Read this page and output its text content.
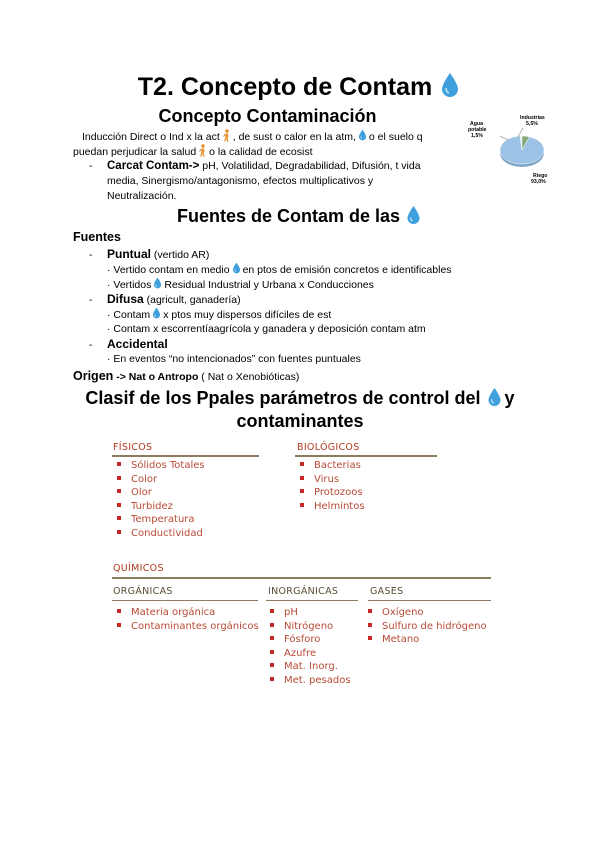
T2. Concepto de Contam
Concepto Contaminación
Inducción Direct o Ind x la act , de sust o calor en la atm, o el suelo q
puedan perjudicar la salud o la calidad de ecosist
- Carcat Contam-> pH, Volatilidad, Degradabilidad, Difusión, t vida
media, Sinergismo/antagonismo, efectos multiplicativos y
Neutralización.
Agua
potable
1,5%
Industrias
5,5%
Riego
93,0%
Fuentes de Contam de las
Fuentes
- Puntual (vertido AR)
· Vertido contam en medio en ptos de emisión concretos e identificables
· Vertidos Residual Industrial y Urbana x Conducciones
- Difusa (agricult, ganadería)
· Contam x ptos muy dispersos difíciles de est
· Contam x escorrentíaagrícola y ganadera y deposición contam atm
- Accidental
· En eventos “no intencionados” con fuentes puntuales
Origen -> Nat o Antropo ( Nat o Xenobióticas)
Clasif de los Ppales parámetros de control del y
contaminantes
FÍSICOS
Sólidos Totales
Color
Olor
Turbidez
Temperatura
Conductividad
BIOLÓGICOS
Bacterias
Virus
Protozoos
Helmintos
QUÍMICOS
ORGÁNICAS
Materia orgánica
Contaminantes orgánicos
INORGÁNICAS
pH
Nitrógeno
Fósforo
Azufre
Mat. Inorg.
Met. pesados
GASES
Oxígeno
Sulfuro de hidrógeno
Metano
